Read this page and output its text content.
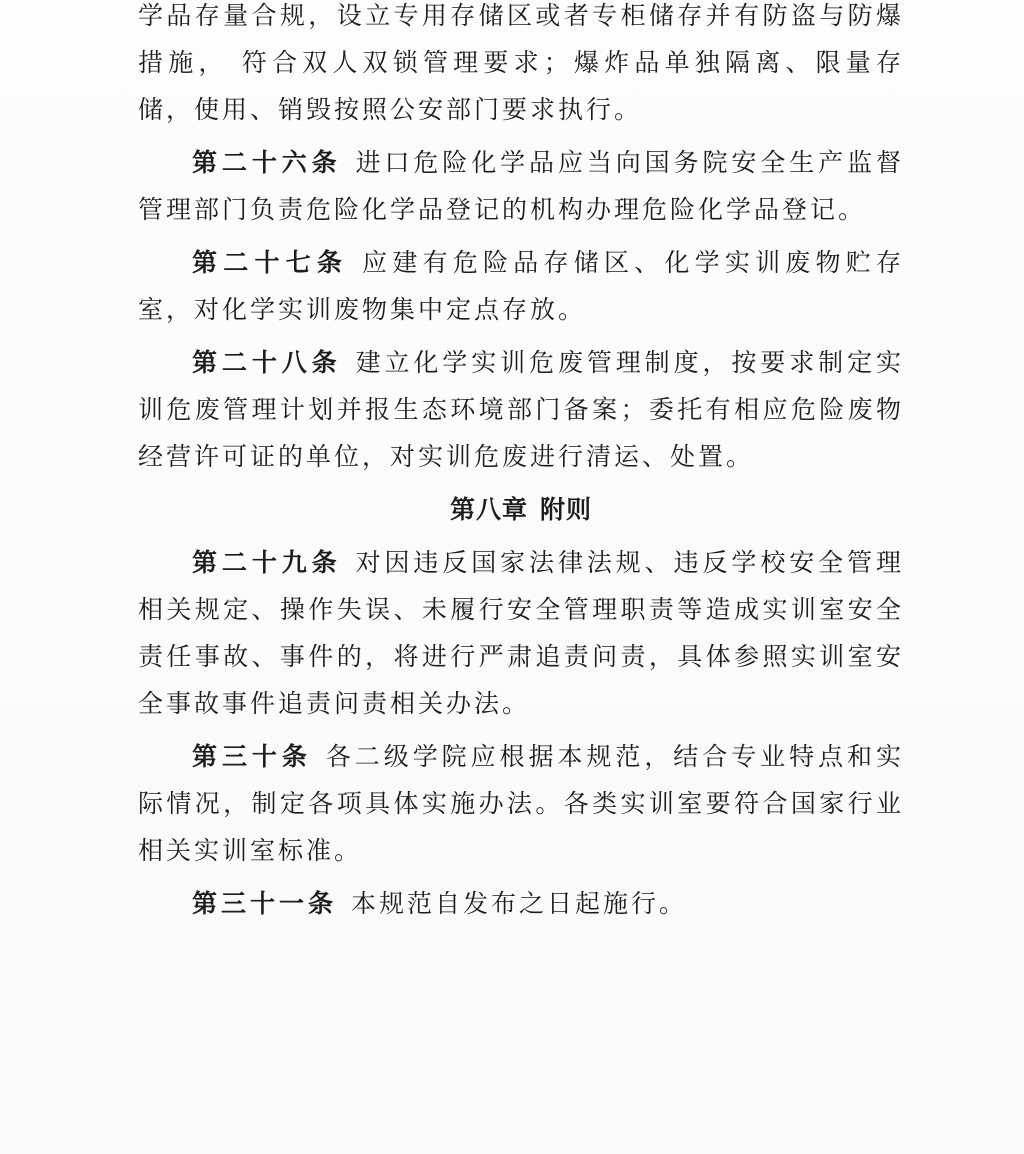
学品存量合规，设立专用存储区或者专柜储存并有防盗与防爆措施， 符合双人双锁管理要求；爆炸品单独隔离、限量存储，使用、销毁按照公安部门要求执行。

第二十六条 进口危险化学品应当向国务院安全生产监督管理部门负责危险化学品登记的机构办理危险化学品登记。

第二十七条 应建有危险品存储区、化学实训废物贮存室，对化学实训废物集中定点存放。

第二十八条 建立化学实训危废管理制度，按要求制定实训危废管理计划并报生态环境部门备案；委托有相应危险废物经营许可证的单位，对实训危废进行清运、处置。

第八章 附则

第二十九条 对因违反国家法律法规、违反学校安全管理相关规定、操作失误、未履行安全管理职责等造成实训室安全责任事故、事件的，将进行严肃追责问责，具体参照实训室安全事故事件追责问责相关办法。

第三十条 各二级学院应根据本规范，结合专业特点和实际情况，制定各项具体实施办法。各类实训室要符合国家行业相关实训室标准。

第三十一条 本规范自发布之日起施行。
